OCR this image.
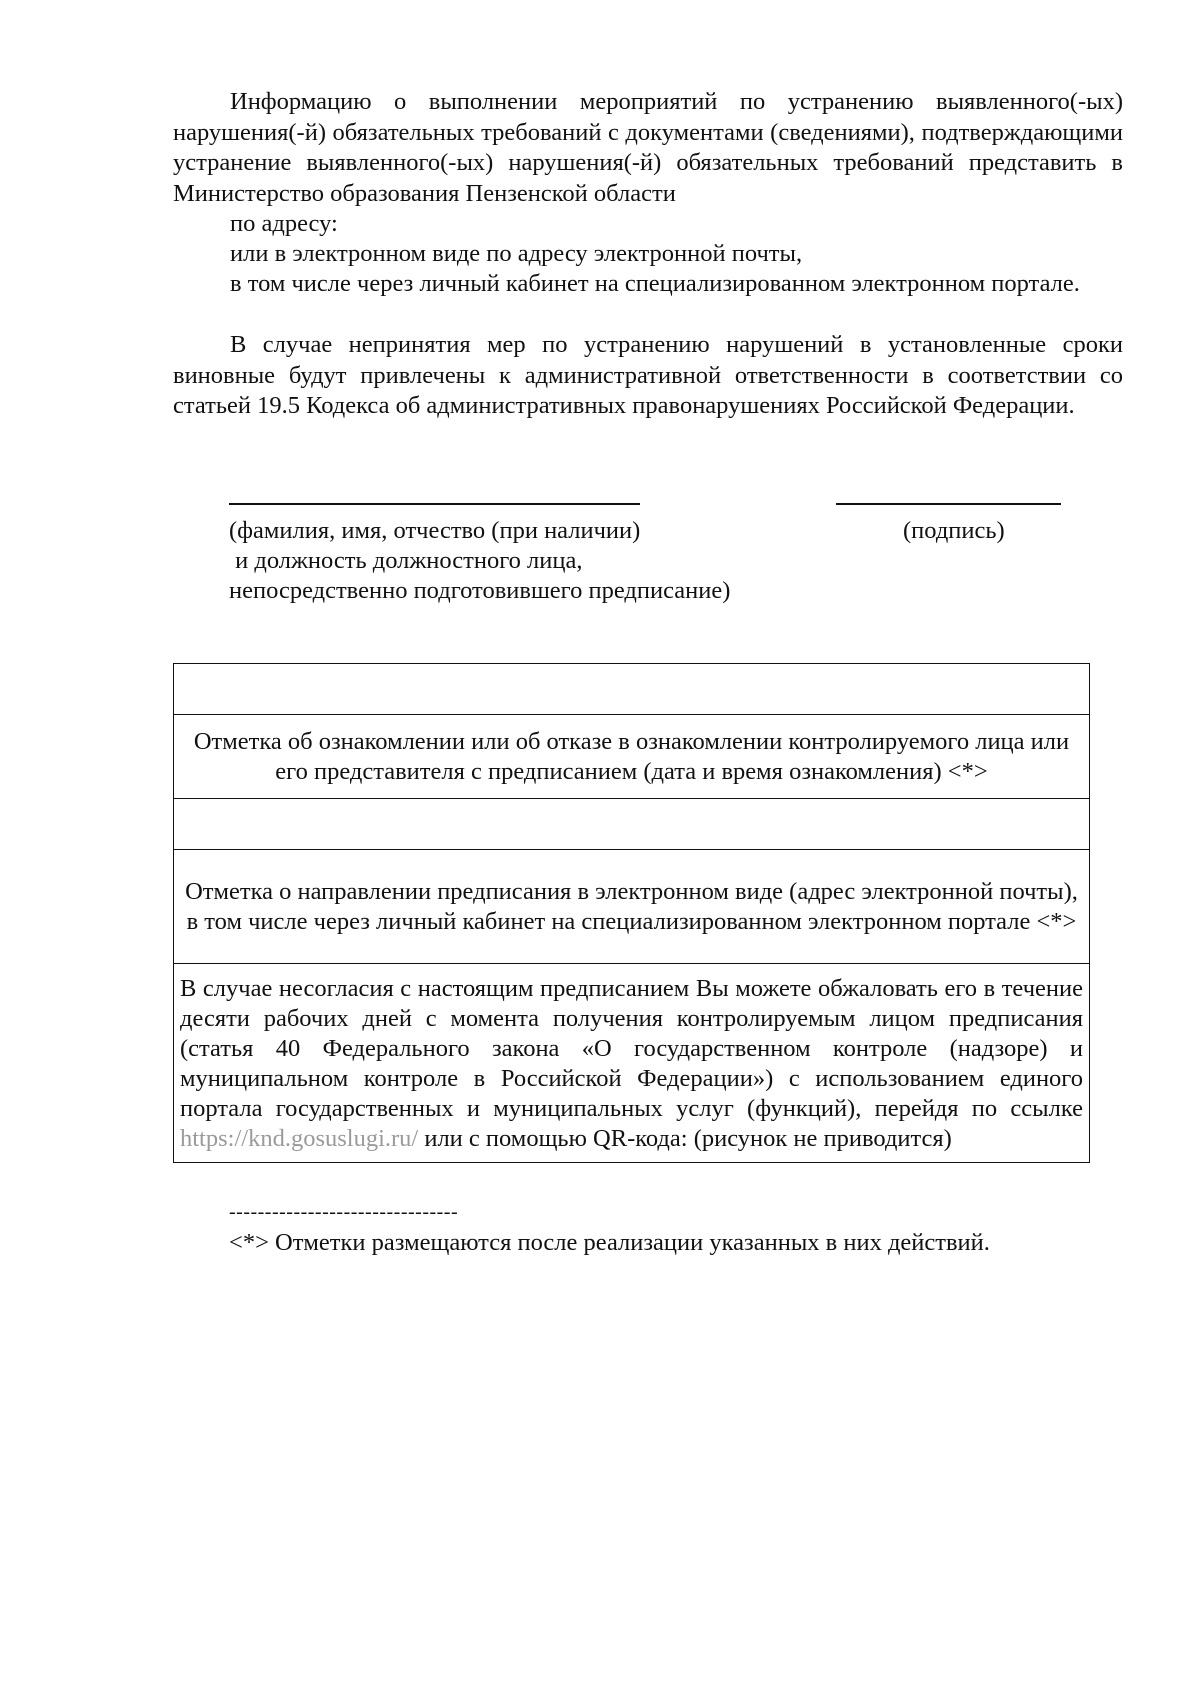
Информацию о выполнении мероприятий по устранению выявленного(-ых) нарушения(-й) обязательных требований с документами (сведениями), подтверждающими устранение выявленного(-ых) нарушения(-й) обязательных требований представить в Министерство образования Пензенской области

по адресу:

или в электронном виде по адресу электронной почты,

в том числе через личный кабинет на специализированном электронном портале.

В случае непринятия мер по устранению нарушений в установленные сроки виновные будут привлечены к административной ответственности в соответствии со статьей 19.5 Кодекса об административных правонарушениях Российской Федерации.

(фамилия, имя, отчество (при наличии)

и должность должностного лица,

непосредственно подготовившего предписание)

(подпись)

Отметка об ознакомлении или об отказе в ознакомлении контролируемого лица или его представителя с предписанием (дата и время ознакомления) <*>

Отметка о направлении предписания в электронном виде (адрес электронной почты), в том числе через личный кабинет на специализированном электронном портале <*>
В случае несогласия с настоящим предписанием Вы можете обжаловать его в течение десяти рабочих дней с момента получения контролируемым лицом предписания (статья 40 Федерального закона «О государственном контроле (надзоре) и муниципальном контроле в Российской Федерации») с использованием единого портала государственных и муниципальных услуг (функций), перейдя по ссылке https://knd.gosuslugi.ru/ или с помощью QR-кода: (рисунок не приводится)

--------------------------------

<*> Отметки размещаются после реализации указанных в них действий.
